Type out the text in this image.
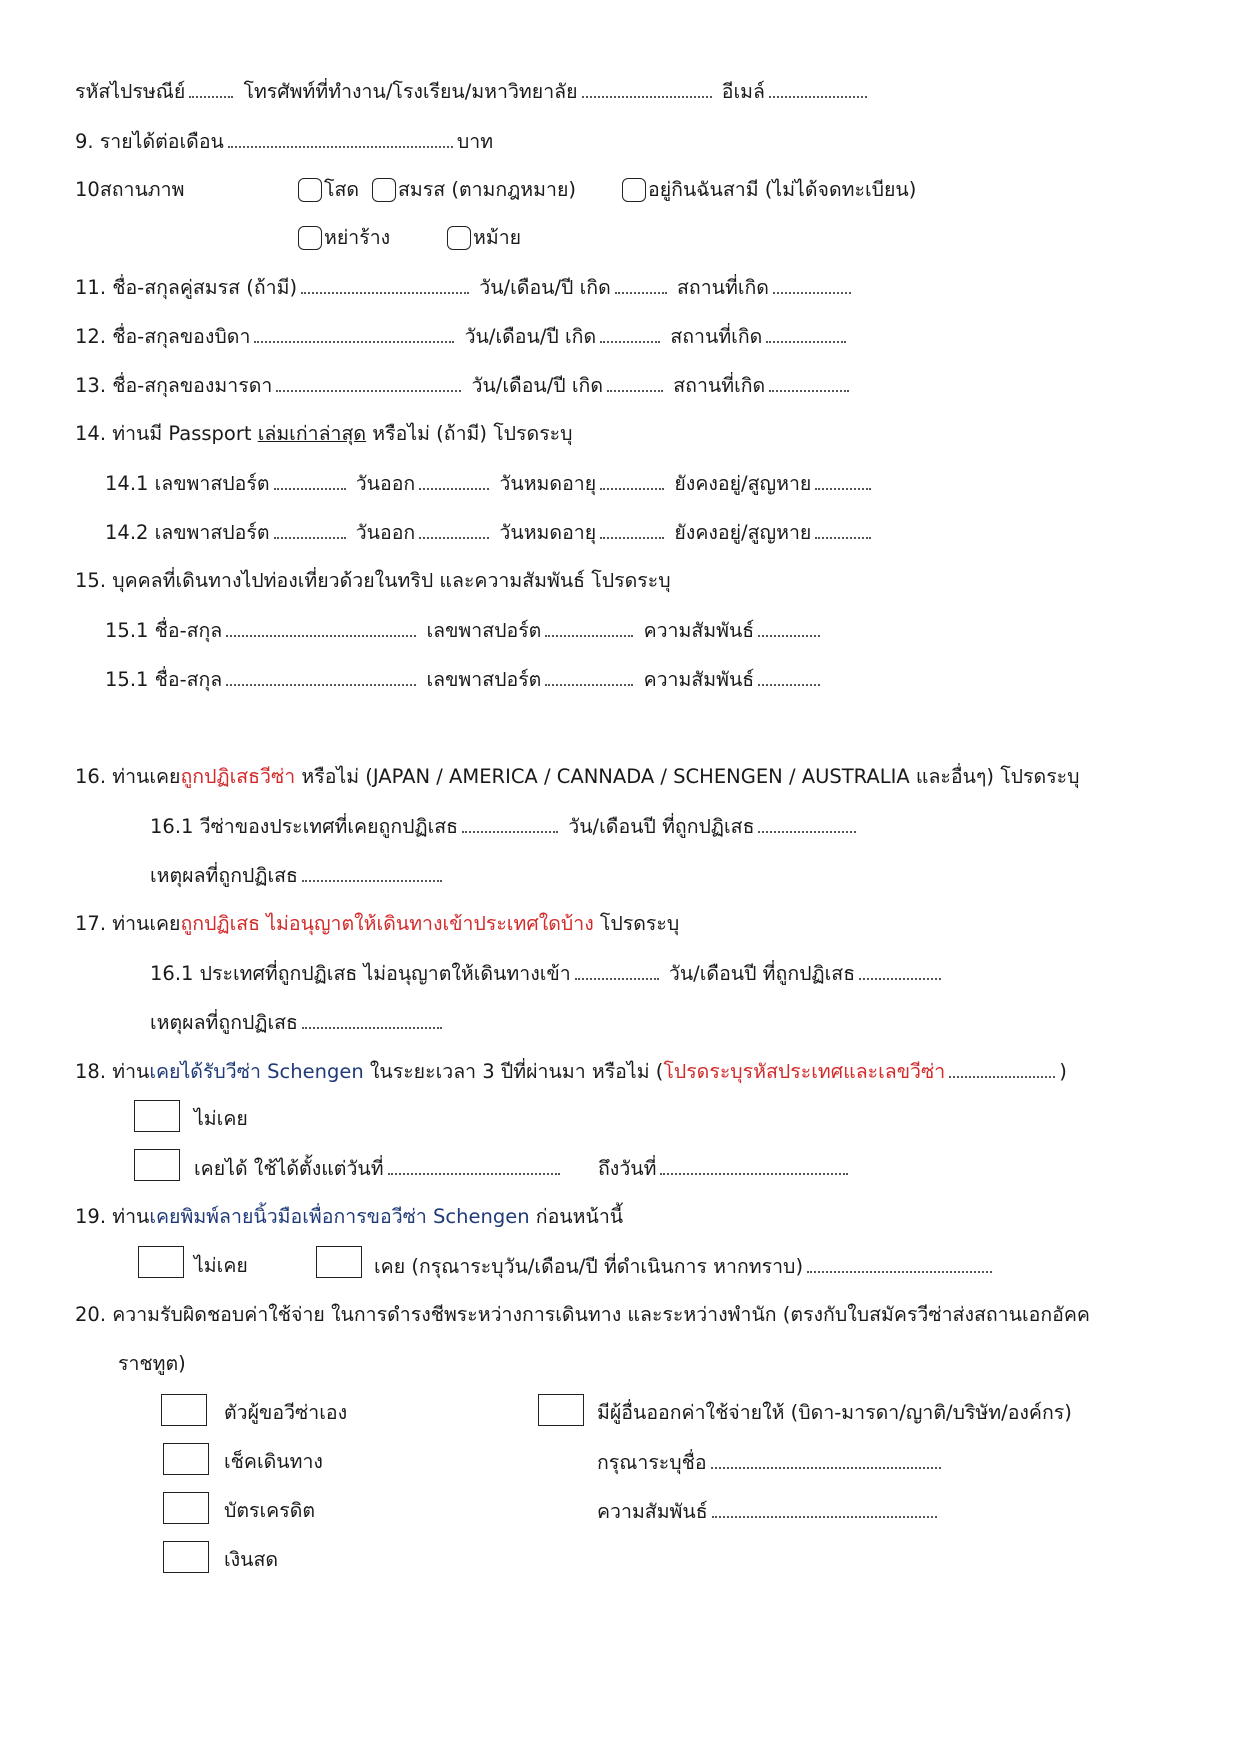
รหัสไปรษณีย์	โทรศัพท์ที่ทำงาน/โรงเรียน/มหาวิทยาลัย	อีเมล์
9. รายได้ต่อเดือน	บาท
10สถานภาพ	โสด สมรส (ตามกฎหมาย)	อยู่กินฉันสามี (ไม่ได้จดทะเบียน)
หย่าร้าง	หม้าย
11. ชื่อ-สกุลคู่สมรส (ถ้ามี)	วัน/เดือน/ปี เกิด	สถานที่เกิด
12. ชื่อ-สกุลของบิดา	วัน/เดือน/ปี เกิด	สถานที่เกิด
13. ชื่อ-สกุลของมารดา	วัน/เดือน/ปี เกิด	สถานที่เกิด
14. ท่านมี Passport เล่มเก่าล่าสุด หรือไม่ (ถ้ามี) โปรดระบุ
14.1 เลขพาสปอร์ต	วันออก	วันหมดอายุ	ยังคงอยู่/สูญหาย
14.2 เลขพาสปอร์ต	วันออก	วันหมดอายุ	ยังคงอยู่/สูญหาย
15. บุคคลที่เดินทางไปท่องเที่ยวด้วยในทริป และความสัมพันธ์ โปรดระบุ
15.1 ชื่อ-สกุล	เลขพาสปอร์ต	ความสัมพันธ์
15.1 ชื่อ-สกุล	เลขพาสปอร์ต	ความสัมพันธ์
16. ท่านเคยถูกปฏิเสธวีซ่า หรือไม่ (JAPAN / AMERICA / CANNADA / SCHENGEN / AUSTRALIA และอื่นๆ) โปรดระบุ
16.1 วีซ่าของประเทศที่เคยถูกปฏิเสธ	วัน/เดือนปี ที่ถูกปฏิเสธ
เหตุผลที่ถูกปฏิเสธ
17. ท่านเคยถูกปฏิเสธ ไม่อนุญาตให้เดินทางเข้าประเทศใดบ้าง โปรดระบุ
16.1 ประเทศที่ถูกปฏิเสธ ไม่อนุญาตให้เดินทางเข้า	วัน/เดือนปี ที่ถูกปฏิเสธ
เหตุผลที่ถูกปฏิเสธ
18. ท่านเคยได้รับวีซ่า Schengen ในระยะเวลา 3 ปีที่ผ่านมา หรือไม่ (โปรดระบุรหัสประเทศและเลขวีซ่า	)
ไม่เคย
เคยได้ ใช้ได้ตั้งแต่วันที่	ถึงวันที่
19. ท่านเคยพิมพ์ลายนิ้วมือเพื่อการขอวีซ่า Schengen ก่อนหน้านี้
ไม่เคย	เคย (กรุณาระบุวัน/เดือน/ปี ที่ดำเนินการ หากทราบ)
20. ความรับผิดชอบค่าใช้จ่าย ในการดำรงชีพระหว่างการเดินทาง และระหว่างพำนัก (ตรงกับใบสมัครวีซ่าส่งสถานเอกอัคค
ราชทูต)
ตัวผู้ขอวีซ่าเอง	มีผู้อื่นออกค่าใช้จ่ายให้ (บิดา-มารดา/ญาติ/บริษัท/องค์กร)
เช็คเดินทาง	กรุณาระบุชื่อ
บัตรเครดิต	ความสัมพันธ์
เงินสด
